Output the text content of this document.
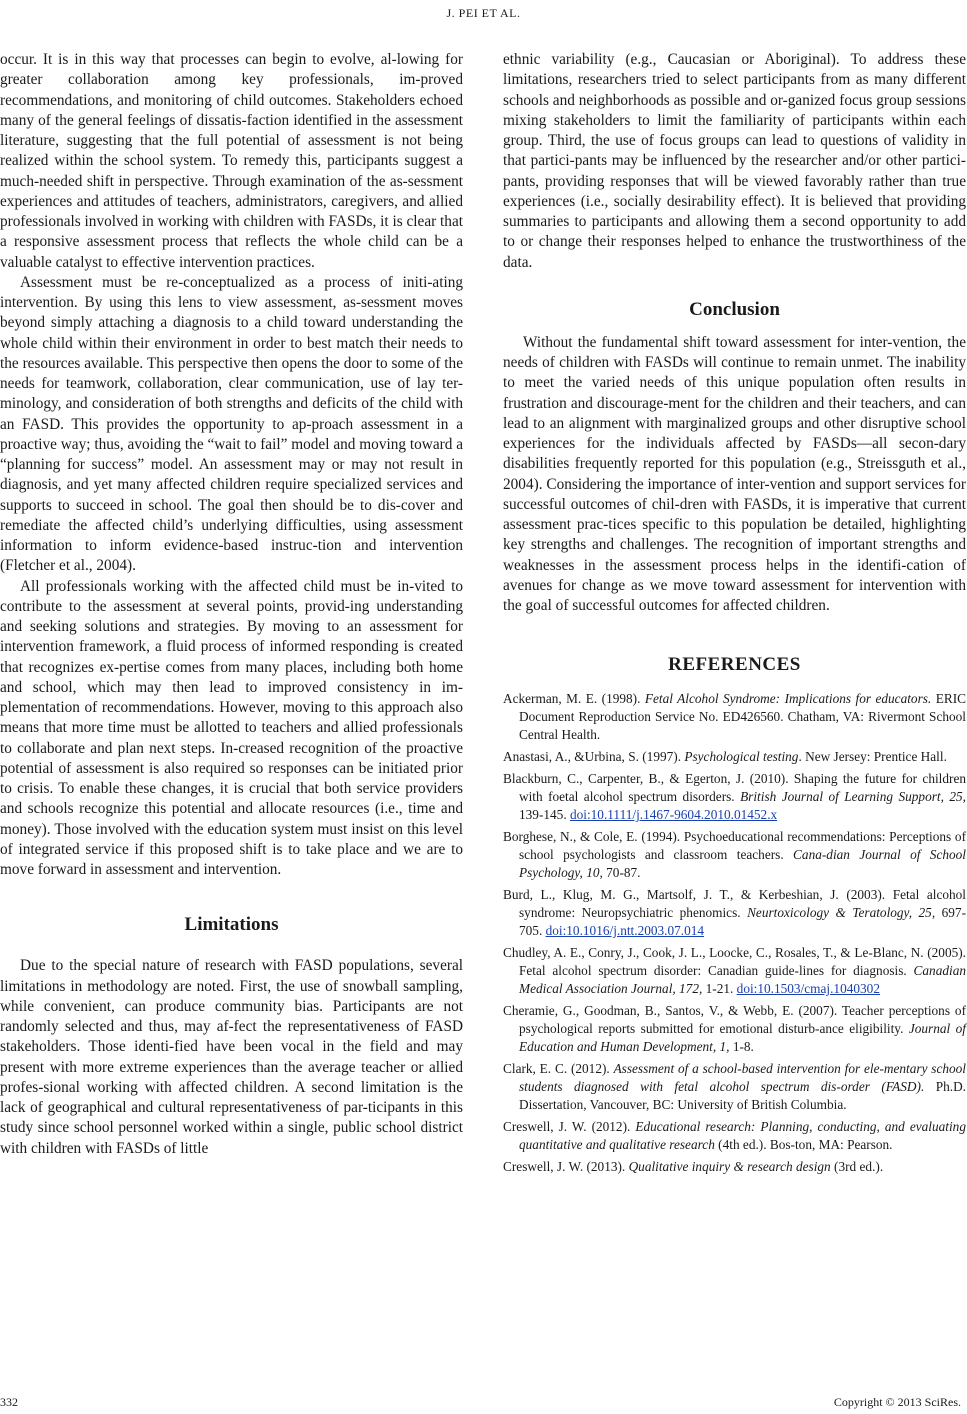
J. PEI ET AL.

occur. It is in this way that processes can begin to evolve, al-lowing for greater collaboration among key professionals, im-proved recommendations, and monitoring of child outcomes. Stakeholders echoed many of the general feelings of dissatis-faction identified in the assessment literature, suggesting that the full potential of assessment is not being realized within the school system. To remedy this, participants suggest a much-needed shift in perspective. Through examination of the as-sessment experiences and attitudes of teachers, administrators, caregivers, and allied professionals involved in working with children with FASDs, it is clear that a responsive assessment process that reflects the whole child can be a valuable catalyst to effective intervention practices.

Assessment must be re-conceptualized as a process of initi-ating intervention. By using this lens to view assessment, as-sessment moves beyond simply attaching a diagnosis to a child toward understanding the whole child within their environment in order to best match their needs to the resources available. This perspective then opens the door to some of the needs for teamwork, collaboration, clear communication, use of lay ter-minology, and consideration of both strengths and deficits of the child with an FASD. This provides the opportunity to ap-proach assessment in a proactive way; thus, avoiding the “wait to fail” model and moving toward a “planning for success” model. An assessment may or may not result in diagnosis, and yet many affected children require specialized services and supports to succeed in school. The goal then should be to dis-cover and remediate the affected child’s underlying difficulties, using assessment information to inform evidence-based instruc-tion and intervention (Fletcher et al., 2004).

All professionals working with the affected child must be in-vited to contribute to the assessment at several points, provid-ing understanding and seeking solutions and strategies. By moving to an assessment for intervention framework, a fluid process of informed responding is created that recognizes ex-pertise comes from many places, including both home and school, which may then lead to improved consistency in im-plementation of recommendations. However, moving to this approach also means that more time must be allotted to teachers and allied professionals to collaborate and plan next steps. In-creased recognition of the proactive potential of assessment is also required so responses can be initiated prior to crisis. To enable these changes, it is crucial that both service providers and schools recognize this potential and allocate resources (i.e., time and money). Those involved with the education system must insist on this level of integrated service if this proposed shift is to take place and we are to move forward in assessment and intervention.

Limitations

Due to the special nature of research with FASD populations, several limitations in methodology are noted. First, the use of snowball sampling, while convenient, can produce community bias. Participants are not randomly selected and thus, may af-fect the representativeness of FASD stakeholders. Those identi-fied have been vocal in the field and may present with more extreme experiences than the average teacher or allied profes-sional working with affected children. A second limitation is the lack of geographical and cultural representativeness of par-ticipants in this study since school personnel worked within a single, public school district with children with FASDs of little

ethnic variability (e.g., Caucasian or Aboriginal). To address these limitations, researchers tried to select participants from as many different schools and neighborhoods as possible and or-ganized focus group sessions mixing stakeholders to limit the familiarity of participants within each group. Third, the use of focus groups can lead to questions of validity in that partici-pants may be influenced by the researcher and/or other partici-pants, providing responses that will be viewed favorably rather than true experiences (i.e., socially desirability effect). It is believed that providing summaries to participants and allowing them a second opportunity to add to or change their responses helped to enhance the trustworthiness of the data.

Conclusion

Without the fundamental shift toward assessment for inter-vention, the needs of children with FASDs will continue to remain unmet. The inability to meet the varied needs of this unique population often results in frustration and discourage-ment for the children and their teachers, and can lead to an alignment with marginalized groups and other disruptive school experiences for the individuals affected by FASDs—all secon-dary disabilities frequently reported for this population (e.g., Streissguth et al., 2004). Considering the importance of inter-vention and support services for successful outcomes of chil-dren with FASDs, it is imperative that current assessment prac-tices specific to this population be detailed, highlighting key strengths and challenges. The recognition of important strengths and weaknesses in the assessment process helps in the identifi-cation of avenues for change as we move toward assessment for intervention with the goal of successful outcomes for affected children.

REFERENCES
Ackerman, M. E. (1998). Fetal Alcohol Syndrome: Implications for educators. ERIC Document Reproduction Service No. ED426560. Chatham, VA: Rivermont School Central Health.
Anastasi, A., &Urbina, S. (1997). Psychological testing. New Jersey: Prentice Hall.
Blackburn, C., Carpenter, B., & Egerton, J. (2010). Shaping the future for children with foetal alcohol spectrum disorders. British Journal of Learning Support, 25, 139-145. doi:10.1111/j.1467-9604.2010.01452.x
Borghese, N., & Cole, E. (1994). Psychoeducational recommendations: Perceptions of school psychologists and classroom teachers. Cana-dian Journal of School Psychology, 10, 70-87.
Burd, L., Klug, M. G., Martsolf, J. T., & Kerbeshian, J. (2003). Fetal alcohol syndrome: Neuropsychiatric phenomics. Neurtoxicology & Teratology, 25, 697-705. doi:10.1016/j.ntt.2003.07.014
Chudley, A. E., Conry, J., Cook, J. L., Loocke, C., Rosales, T., & Le-Blanc, N. (2005). Fetal alcohol spectrum disorder: Canadian guide-lines for diagnosis. Canadian Medical Association Journal, 172, 1-21. doi:10.1503/cmaj.1040302
Cheramie, G., Goodman, B., Santos, V., & Webb, E. (2007). Teacher perceptions of psychological reports submitted for emotional disturb-ance eligibility. Journal of Education and Human Development, 1, 1-8.
Clark, E. C. (2012). Assessment of a school-based intervention for ele-mentary school students diagnosed with fetal alcohol spectrum dis-order (FASD). Ph.D. Dissertation, Vancouver, BC: University of British Columbia.
Creswell, J. W. (2012). Educational research: Planning, conducting, and evaluating quantitative and qualitative research (4th ed.). Bos-ton, MA: Pearson.
Creswell, J. W. (2013). Qualitative inquiry & research design (3rd ed.).
332	Copyright © 2013 SciRes.
